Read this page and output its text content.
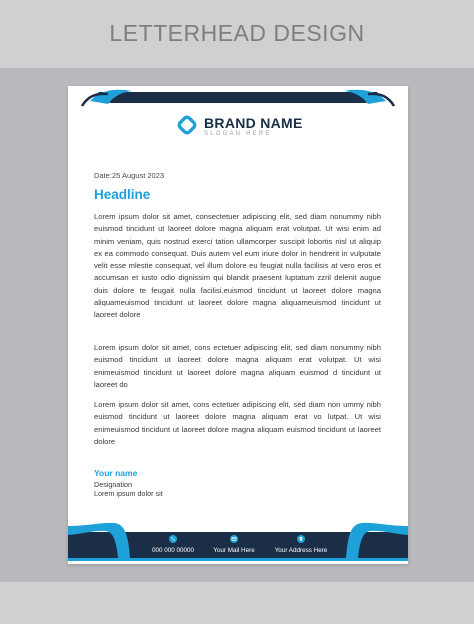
LETTERHEAD DESIGN
BRAND NAME
SLOGAN HERE
Date:25 August 2023
Headline
Lorem ipsum dolor sit amet, consectetuer adipiscing elit, sed diam nonummy nibh euismod tincidunt ut laoreet dolore magna aliquam erat volutpat. Ut wisi enim ad minim veniam, quis nostrud exerci tation ullamcorper suscipit lobortis nisl ut aliquip ex ea commodo consequat. Duis autem vel eum iriure dolor in hendrerit in vulputate velit esse mlestie consequat, vel illum dolore eu feugiat nulla facilisis at vero eros et accumsan et iusto odio dignissim qui blandit praesent luptatum zzril delenit augue duis dolore te feugait nulla facilisi.euismod tincidunt ut laoreet dolore magna aliquameuismod tincidunt ut laoreet dolore magna aliquameuismod tincidunt ut laoreet dolore
Lorem ipsum dolor sit amet, cons ectetuer adipiscing elit, sed diam nonummy nibh euismod tincidunt ut laoreet dolore magna aliquam erat volutpat. Ut wisi enimeuismod tincidunt ut laoreet dolore magna aliquam euismod d tincidunt ut laoreet do
Lorem ipsum dolor sit amet, cons ectetuer adipiscing elit, sed diam non ummy nibh euismod tincidunt ut laoreet dolore magna aliquam erat vo lutpat. Ut wisi enimeuismod tincidunt ut laoreet dolore magna aliquam euismod tincidunt ut laoreet dolore
Your name
Designation
Lorem ipsum dolor sit
000 000 00000	Your Mail Here	Your Address Here
